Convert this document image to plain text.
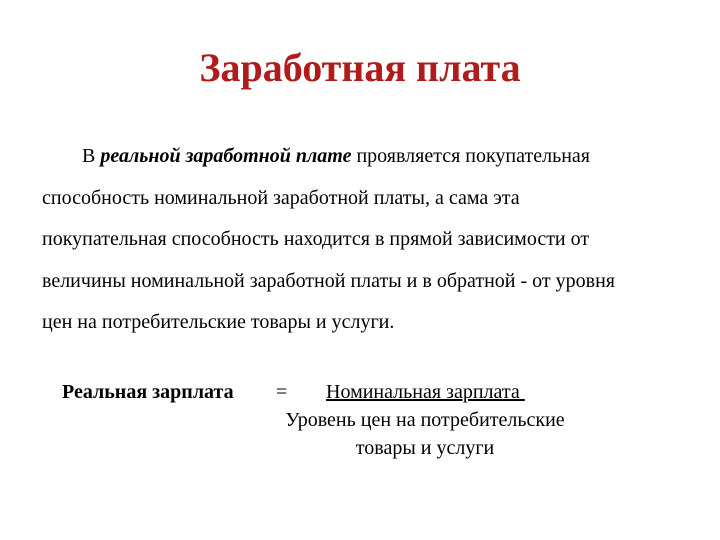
Заработная плата
В реальной заработной плате проявляется покупательная
способность номинальной заработной платы, а сама эта
покупательная способность находится в прямой зависимости от
величины номинальной заработной платы и в обратной - от уровня
цен на потребительские товары и услуги.
Реальная зарплата = Номинальная зарплата
Уровень цен на потребительские
товары и услуги
